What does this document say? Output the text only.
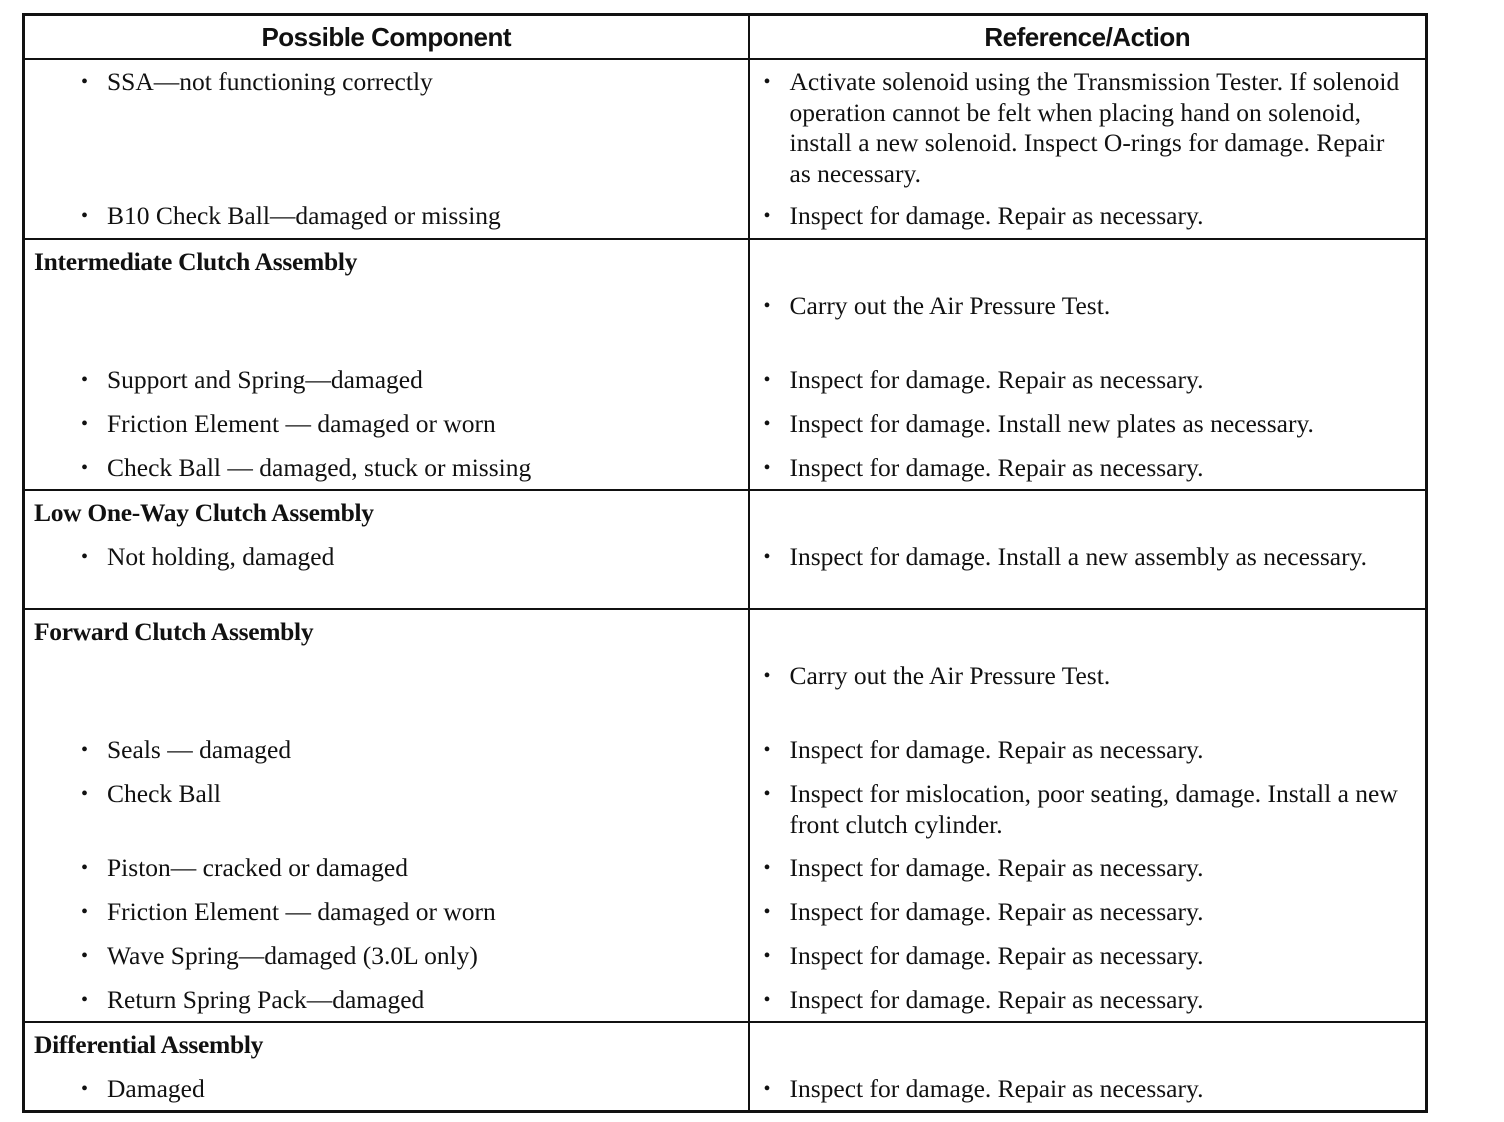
Possible Component	Reference/Action

• SSA—not functioning correctly	• Activate solenoid using the Transmission Tester. If solenoid operation cannot be felt when placing hand on solenoid, install a new solenoid. Inspect O-rings for damage. Repair as necessary.

• B10 Check Ball—damaged or missing	• Inspect for damage. Repair as necessary.

Intermediate Clutch Assembly	• Carry out the Air Pressure Test.

• Support and Spring—damaged	• Inspect for damage. Repair as necessary.

• Friction Element — damaged or worn	• Inspect for damage. Install new plates as necessary.

• Check Ball — damaged, stuck or missing	• Inspect for damage. Repair as necessary.

Low One-Way Clutch Assembly	

• Not holding, damaged	• Inspect for damage. Install a new assembly as necessary.

Forward Clutch Assembly	• Carry out the Air Pressure Test.

• Seals — damaged	• Inspect for damage. Repair as necessary.

• Check Ball	• Inspect for mislocation, poor seating, damage. Install a new front clutch cylinder.

• Piston— cracked or damaged	• Inspect for damage. Repair as necessary.

• Friction Element — damaged or worn	• Inspect for damage. Repair as necessary.

• Wave Spring—damaged (3.0L only)	• Inspect for damage. Repair as necessary.

• Return Spring Pack—damaged	• Inspect for damage. Repair as necessary.

Differential Assembly	

• Damaged	• Inspect for damage. Repair as necessary.
